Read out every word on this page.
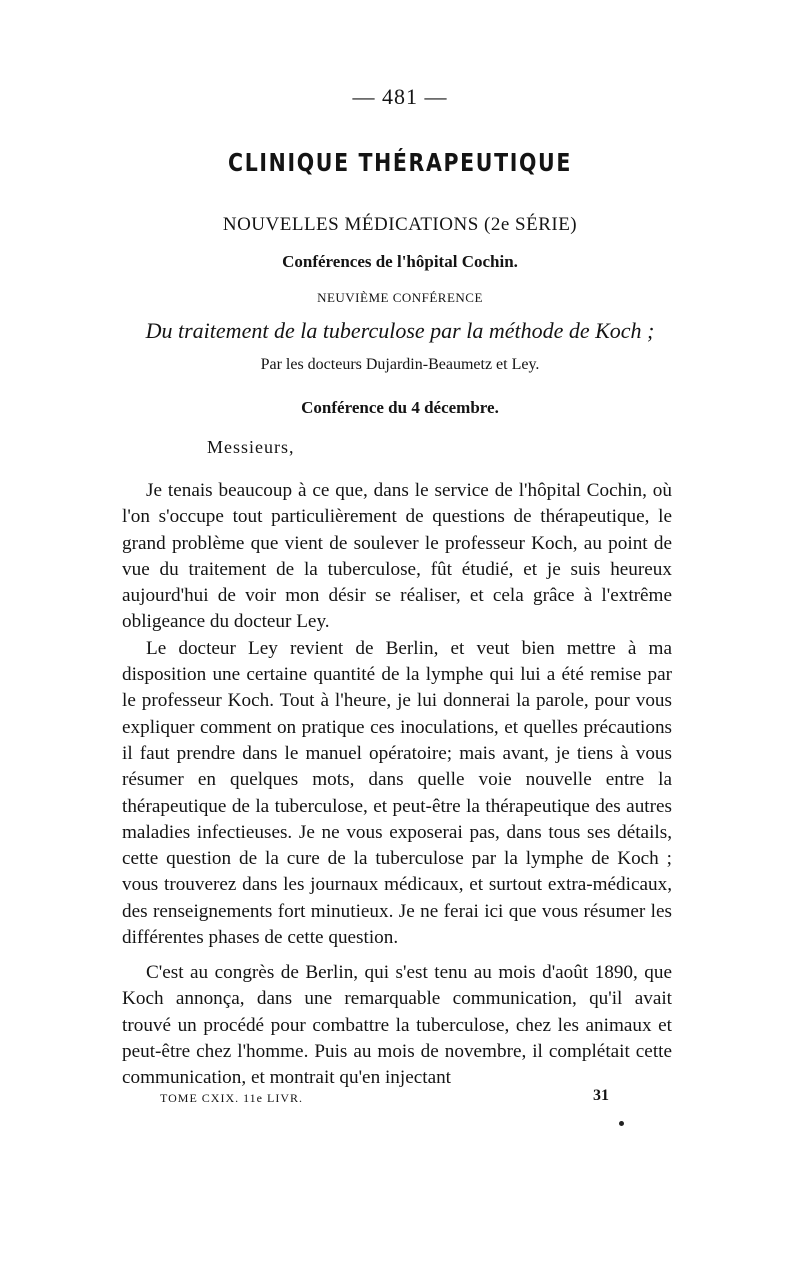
— 481 —
CLINIQUE THÉRAPEUTIQUE
NOUVELLES MÉDICATIONS (2e SÉRIE)
Conférences de l'hôpital Cochin.
NEUVIÈME CONFÉRENCE
Du traitement de la tuberculose par la méthode de Koch ;
Par les docteurs Dujardin-Beaumetz et Ley.
Conférence du 4 décembre.
Messieurs,

Je tenais beaucoup à ce que, dans le service de l'hôpital Cochin, où l'on s'occupe tout particulièrement de questions de thérapeutique, le grand problème que vient de soulever le professeur Koch, au point de vue du traitement de la tuberculose, fût étudié, et je suis heureux aujourd'hui de voir mon désir se réaliser, et cela grâce à l'extrême obligeance du docteur Ley.

Le docteur Ley revient de Berlin, et veut bien mettre à ma disposition une certaine quantité de la lymphe qui lui a été remise par le professeur Koch. Tout à l'heure, je lui donnerai la parole, pour vous expliquer comment on pratique ces inoculations, et quelles précautions il faut prendre dans le manuel opératoire; mais avant, je tiens à vous résumer en quelques mots, dans quelle voie nouvelle entre la thérapeutique de la tuberculose, et peut-être la thérapeutique des autres maladies infectieuses. Je ne vous exposerai pas, dans tous ses détails, cette question de la cure de la tuberculose par la lymphe de Koch ; vous trouverez dans les journaux médicaux, et surtout extra-médicaux, des renseignements fort minutieux. Je ne ferai ici que vous résumer les différentes phases de cette question.

C'est au congrès de Berlin, qui s'est tenu au mois d'août 1890, que Koch annonça, dans une remarquable communication, qu'il avait trouvé un procédé pour combattre la tuberculose, chez les animaux et peut-être chez l'homme. Puis au mois de novembre, il complétait cette communication, et montrait qu'en injectant

TOME CXIX. 11e LIVR.	31
